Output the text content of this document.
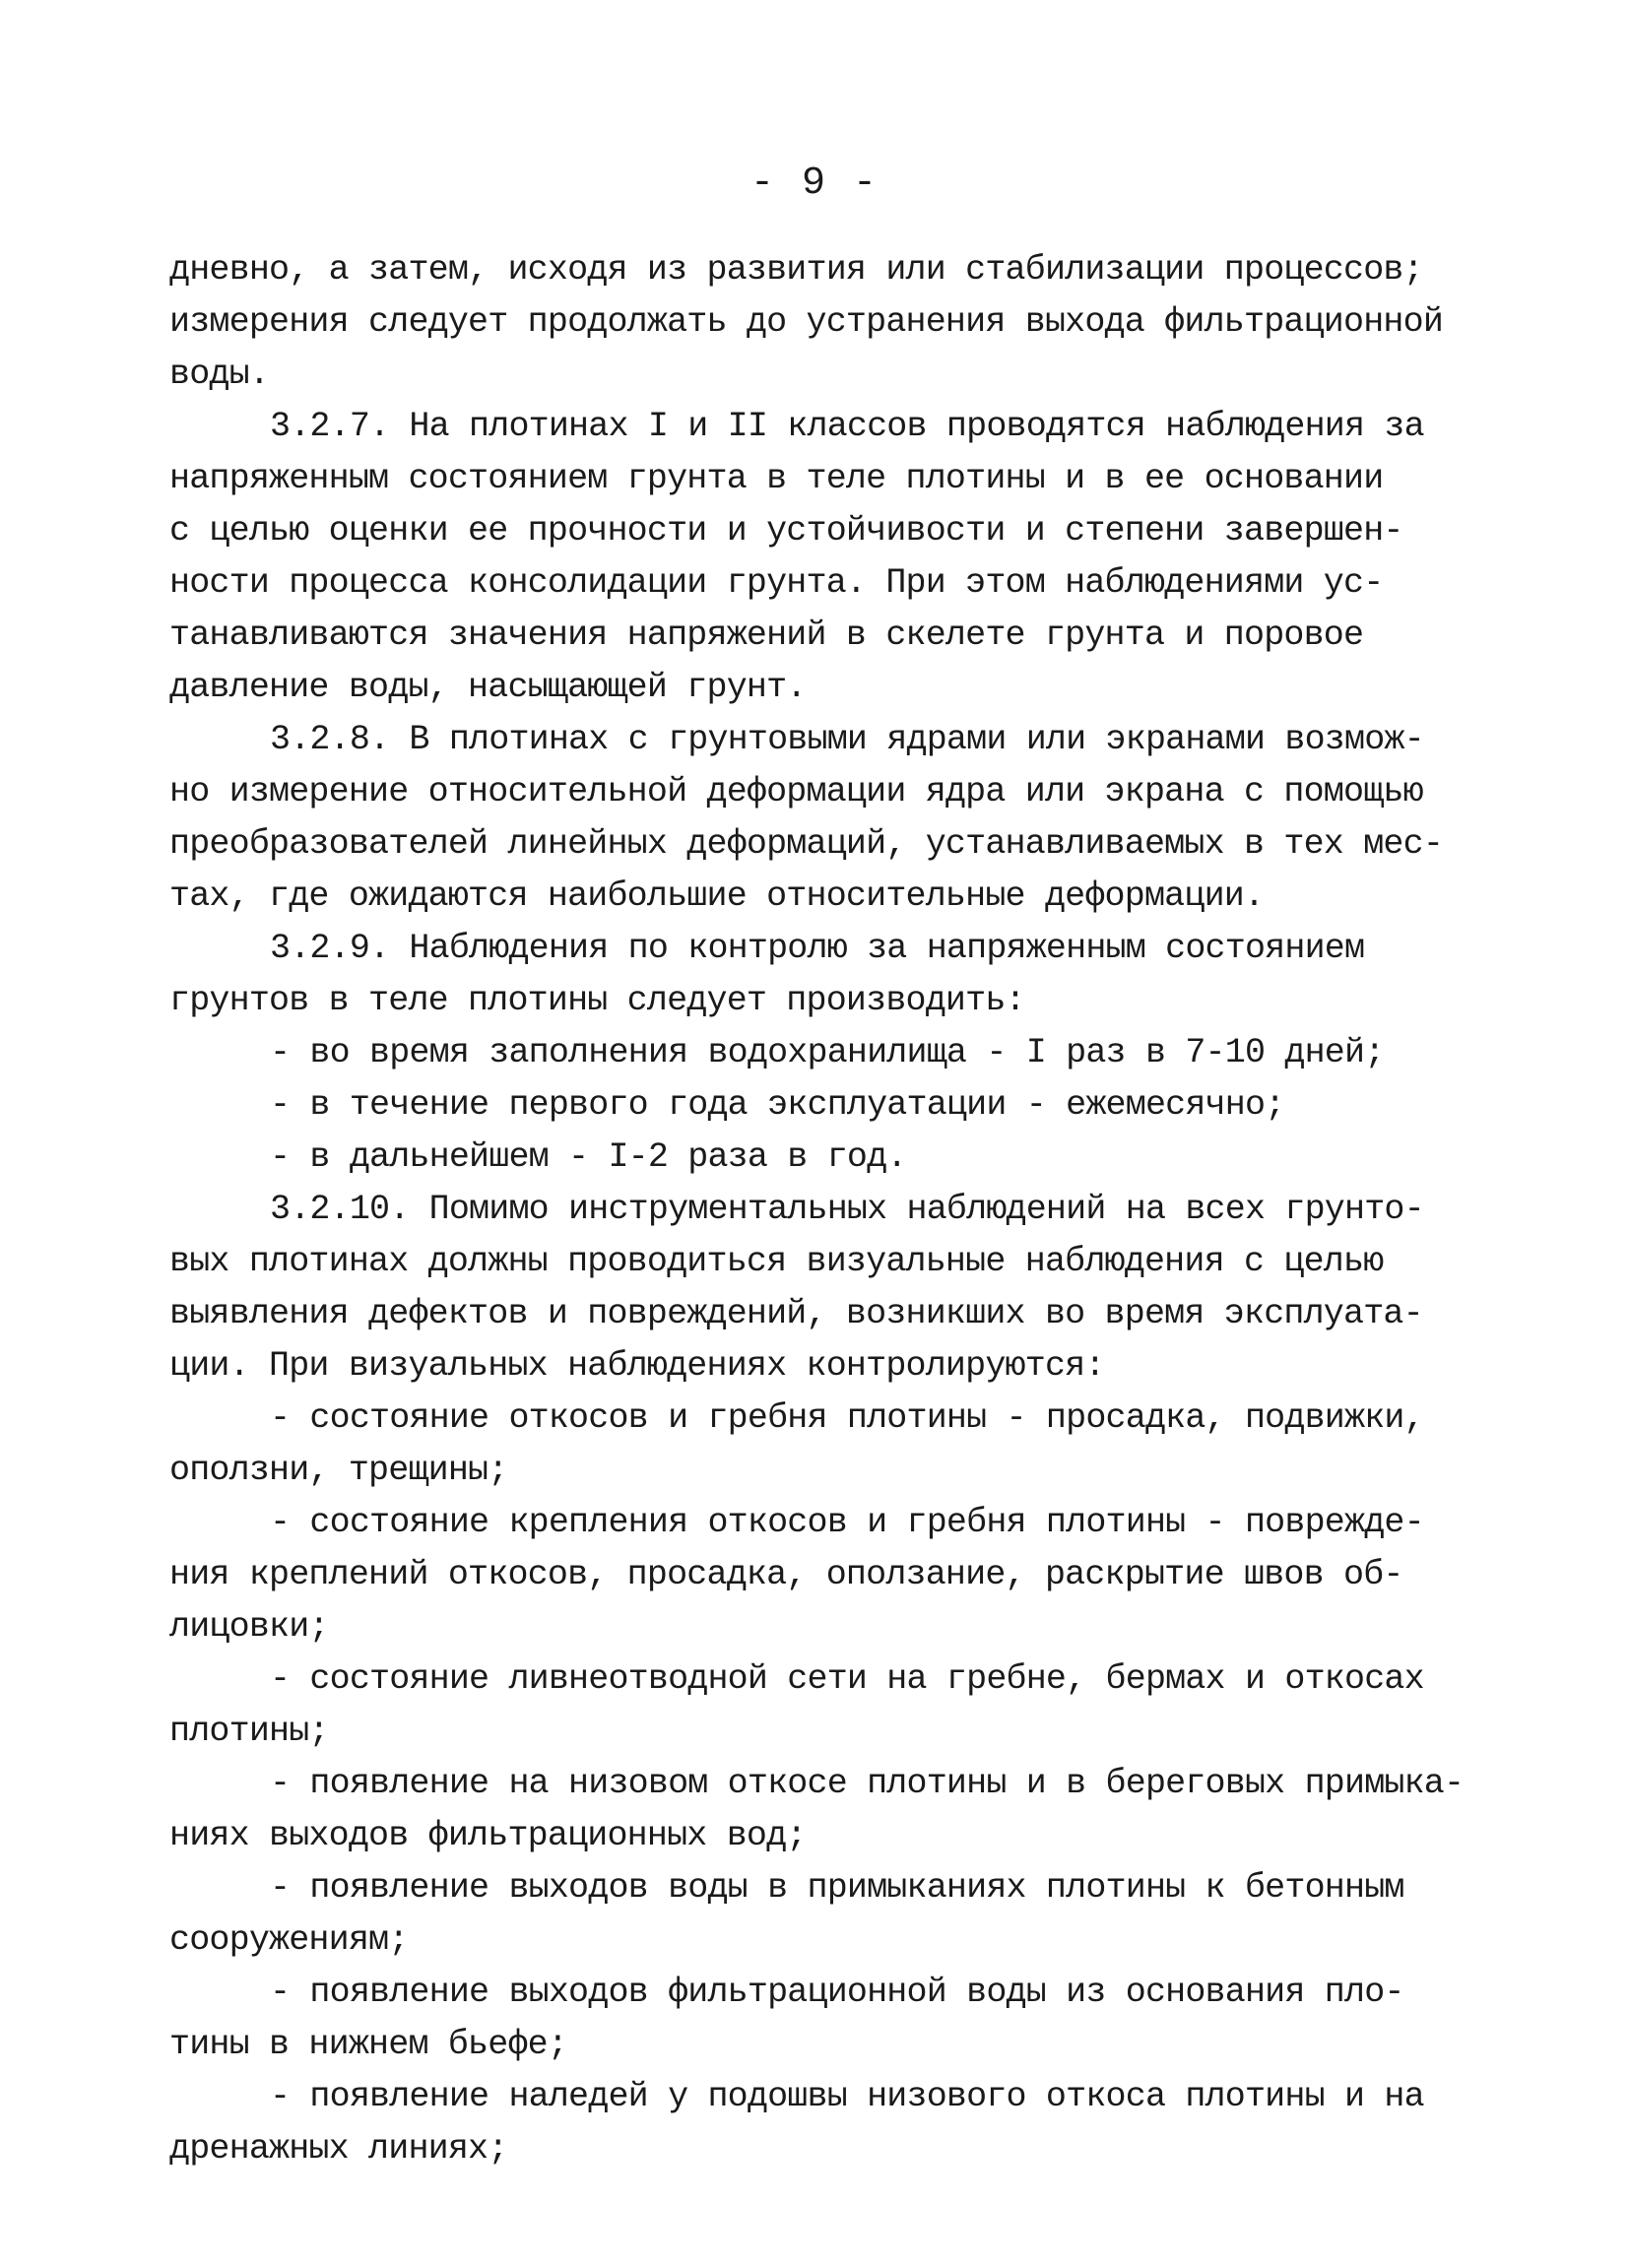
- 9 -
дневно, а затем, исходя из развития или стабилизации процессов;
измерения следует продолжать до устранения выхода фильтрационной
воды.
3.2.7. На плотинах I и II классов проводятся наблюдения за
напряженным состоянием грунта в теле плотины и в ее основании
с целью оценки ее прочности и устойчивости и степени завершен-
ности процесса консолидации грунта. При этом наблюдениями ус-
танавливаются значения напряжений в скелете грунта и поровое
давление воды, насыщающей грунт.
3.2.8. В плотинах с грунтовыми ядрами или экранами возмож-
но измерение относительной деформации ядра или экрана с помощью
преобразователей линейных деформаций, устанавливаемых в тех мес-
тах, где ожидаются наибольшие относительные деформации.
3.2.9. Наблюдения по контролю за напряженным состоянием
грунтов в теле плотины следует производить:
- во время заполнения водохранилища - I раз в 7-10 дней;
- в течение первого года эксплуатации - ежемесячно;
- в дальнейшем - I-2 раза в год.
3.2.10. Помимо инструментальных наблюдений на всех грунто-
вых плотинах должны проводиться визуальные наблюдения с целью
выявления дефектов и повреждений, возникших во время эксплуата-
ции. При визуальных наблюдениях контролируются:
- состояние откосов и гребня плотины - просадка, подвижки,
оползни, трещины;
- состояние крепления откосов и гребня плотины - поврежде-
ния креплений откосов, просадка, оползание, раскрытие швов об-
лицовки;
- состояние ливнеотводной сети на гребне, бермах и откосах
плотины;
- появление на низовом откосе плотины и в береговых примыка-
ниях выходов фильтрационных вод;
- появление выходов воды в примыканиях плотины к бетонным
сооружениям;
- появление выходов фильтрационной воды из основания пло-
тины в нижнем бьефе;
- появление наледей у подошвы низового откоса плотины и на
дренажных линиях;
